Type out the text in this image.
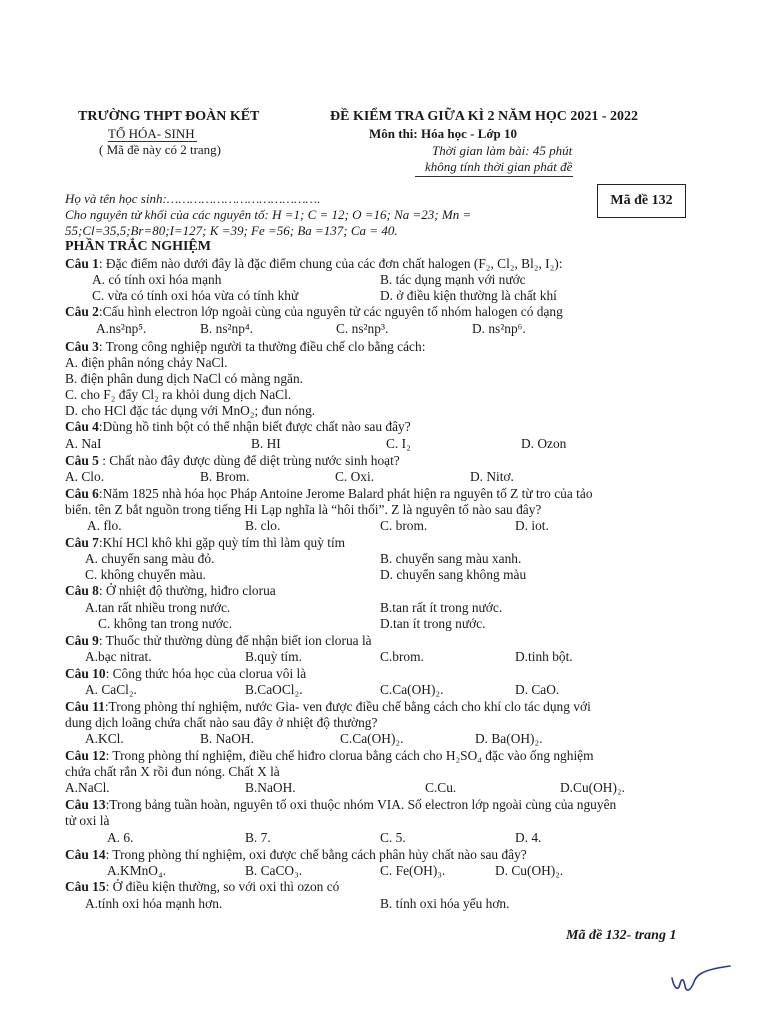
TRƯỜNG THPT ĐOÀN KẾT
TỔ HÓA- SINH
( Mã đề này có 2 trang)
ĐỀ KIỂM TRA GIỮA KÌ 2 NĂM HỌC 2021 - 2022
Môn thi: Hóa học - Lớp 10
Thời gian làm bài: 45 phút
không tính thời gian phát đề
Họ và tên học sinh:………………………………….
Cho nguyên tử khối của các nguyên tố: H =1; C = 12; O =16; Na =23; Mn =
55;Cl=35,5;Br=80;I=127; K =39; Fe =56; Ba =137; Ca = 40.
Mã đề 132
PHẦN TRẮC NGHIỆM
Câu 1: Đặc điểm nào dưới đây là đặc điểm chung của các đơn chất halogen (F₂, Cl₂, Bl₂, I₂):
A. có tính oxi hóa mạnh	B. tác dụng mạnh với nước
C. vừa có tính oxi hóa vừa có tính khử	D. ở điều kiện thường là chất khí
Câu 2:Cấu hình electron lớp ngoài cùng của nguyên tử các nguyên tố nhóm halogen có dạng
A.ns²np⁵.	B. ns²np⁴.	C. ns²np³.	D. ns²np⁶.
Câu 3: Trong công nghiệp người ta thường điều chế clo bằng cách:
A. điện phân nóng chảy NaCl.
B. điện phân dung dịch NaCl có màng ngăn.
C. cho F₂ đẩy Cl₂ ra khỏi dung dịch NaCl.
D. cho HCl đặc tác dụng với MnO₂; đun nóng.
Câu 4:Dùng hồ tinh bột có thể nhận biết được chất nào sau đây?
A. NaI	B. HI	C. I₂	D. Ozon
Câu 5 : Chất nào đây được dùng để diệt trùng nước sinh hoạt?
A. Clo.	B. Brom.	C. Oxi.	D. Nitơ.
Câu 6:Năm 1825 nhà hóa học Pháp Antoine Jerome Balard phát hiện ra nguyên tố Z từ tro của tảo
biển. tên Z bắt nguồn trong tiếng Hi Lạp nghĩa là “hôi thối”. Z là nguyên tố nào sau đây?
A. flo.	B. clo.	C. brom.	D. iot.
Câu 7:Khí HCl khô khi gặp quỳ tím thì làm quỳ tím
A. chuyển sang màu đỏ.	B. chuyển sang màu xanh.
C. không chuyển màu.	D. chuyển sang không màu
Câu 8: Ở nhiệt độ thường, hiđro clorua
A.tan rất nhiều trong nước.	B.tan rất ít trong nước.
C. không tan trong nước.	D.tan ít trong nước.
Câu 9: Thuốc thử thường dùng để nhận biết ion clorua là
A.bạc nitrat.	B.quỳ tím.	C.brom.	D.tinh bột.
Câu 10: Công thức hóa học của clorua vôi là
A. CaCl₂.	B.CaOCl₂.	C.Ca(OH)₂.	D. CaO.
Câu 11:Trong phòng thí nghiệm, nước Gia- ven được điều chế bằng cách cho khí clo tác dụng với
dung dịch loãng chứa chất nào sau đây ở nhiệt độ thường?
A.KCl.	B. NaOH.	C.Ca(OH)₂.	D. Ba(OH)₂.
Câu 12: Trong phòng thí nghiệm, điều chế hiđro clorua bằng cách cho H₂SO₄ đặc vào ống nghiệm
chứa chất rắn X rồi đun nóng. Chất X là
A.NaCl.	B.NaOH.	C.Cu.	D.Cu(OH)₂.
Câu 13:Trong bảng tuần hoàn, nguyên tố oxi thuộc nhóm VIA. Số electron lớp ngoài cùng của nguyên
tử oxi là
A. 6.	B. 7.	C. 5.	D. 4.
Câu 14: Trong phòng thí nghiệm, oxi được chế bằng cách phân hủy chất nào sau đây?
A.KMnO₄.	B. CaCO₃.	C. Fe(OH)₃.	D. Cu(OH)₂.
Câu 15: Ở điều kiện thường, so với oxi thì ozon có
A.tính oxi hóa mạnh hơn.	B. tính oxi hóa yếu hơn.
Mã đề 132- trang 1
